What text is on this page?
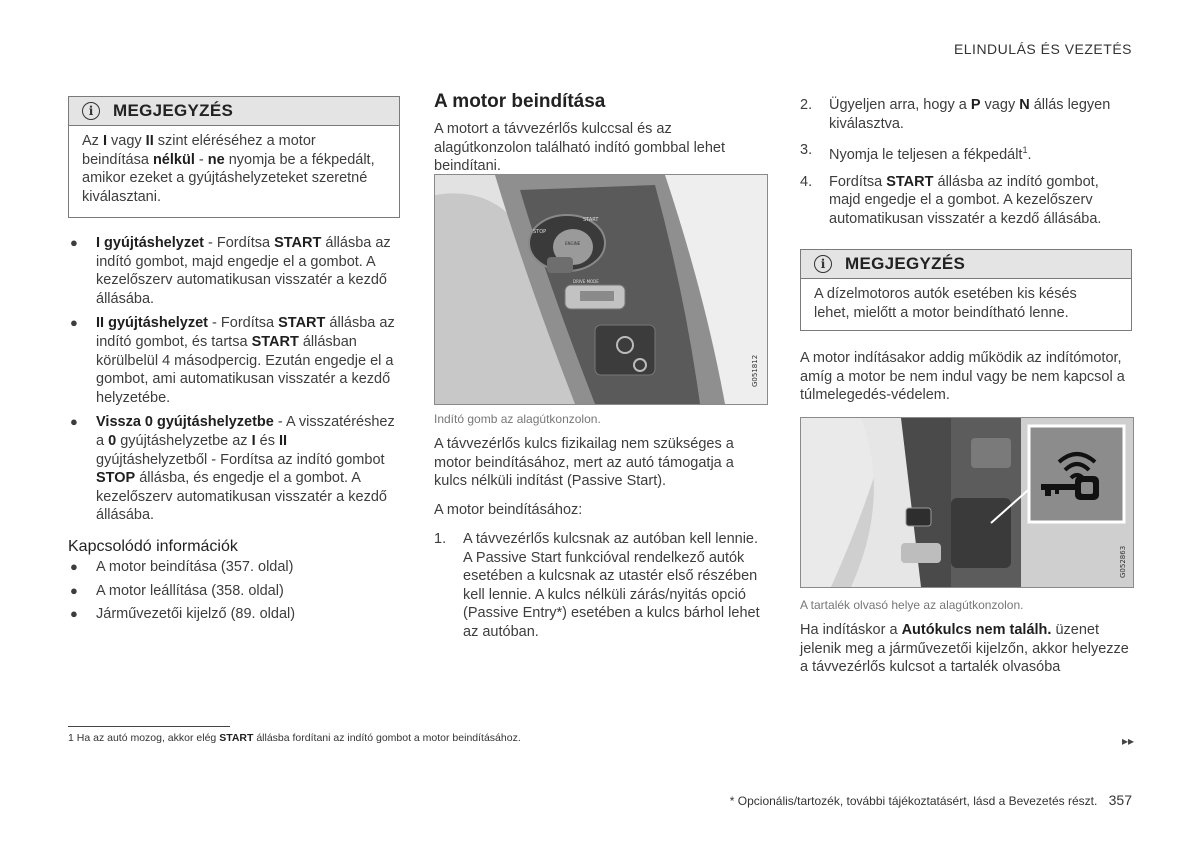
ELINDULÁS ÉS VEZETÉS
i	MEGJEGYZÉS
Az I vagy II szint eléréséhez a motor beindítása nélkül - ne nyomja be a fékpedált, amikor ezeket a gyújtáshelyzeteket szeretné kiválasztani.
● I gyújtáshelyzet - Fordítsa START állásba az indító gombot, majd engedje el a gombot. A kezelőszerv automatikusan visszatér a kezdő állásába.
● II gyújtáshelyzet - Fordítsa START állásba az indító gombot, és tartsa START állásban körülbelül 4 másodpercig. Ezután engedje el a gombot, ami automatikusan visszatér a kezdő helyzetébe.
● Vissza 0 gyújtáshelyzetbe - A visszatéréshez a 0 gyújtáshelyzetbe az I és II gyújtáshelyzetből - Fordítsa az indító gombot STOP állásba, és engedje el a gombot. A kezelőszerv automatikusan visszatér a kezdő állásába.
Kapcsolódó információk
● A motor beindítása (357. oldal)
● A motor leállítása (358. oldal)
● Járművezetői kijelző (89. oldal)
A motor beindítása
A motort a távvezérlős kulccsal és az alagútkonzolon található indító gombbal lehet beindítani.
STOP
START
ENGINE
DRIVE MODE
G051812
Indító gomb az alagútkonzolon.
A távvezérlős kulcs fizikailag nem szükséges a motor beindításához, mert az autó támogatja a kulcs nélküli indítást (Passive Start).
A motor beindításához:
1. A távvezérlős kulcsnak az autóban kell lennie. A Passive Start funkcióval rendelkező autók esetében a kulcsnak az utastér első részében kell lennie. A kulcs nélküli zárás/nyitás opció (Passive Entry*) esetében a kulcs bárhol lehet az autóban.
2. Ügyeljen arra, hogy a P vagy N állás legyen kiválasztva.
3. Nyomja le teljesen a fékpedált$^1$.
4. Fordítsa START állásba az indító gombot, majd engedje el a gombot. A kezelőszerv automatikusan visszatér a kezdő állásába.
i	MEGJEGYZÉS
A dízelmotoros autók esetében kis késés lehet, mielőtt a motor beindítható lenne.
A motor indításakor addig működik az indítómotor, amíg a motor be nem indul vagy be nem kapcsol a túlmelegedés-védelem.
G052863
A tartalék olvasó helye az alagútkonzolon.
Ha indításkor a Autókulcs nem találh. üzenet jelenik meg a járművezetői kijelzőn, akkor helyezze a távvezérlős kulcsot a tartalék olvasóba
1 Ha az autó mozog, akkor elég START állásba fordítani az indító gombot a motor beindításához.	▸▸
* Opcionális/tartozék, további tájékoztatásért, lásd a Bevezetés részt. 357
